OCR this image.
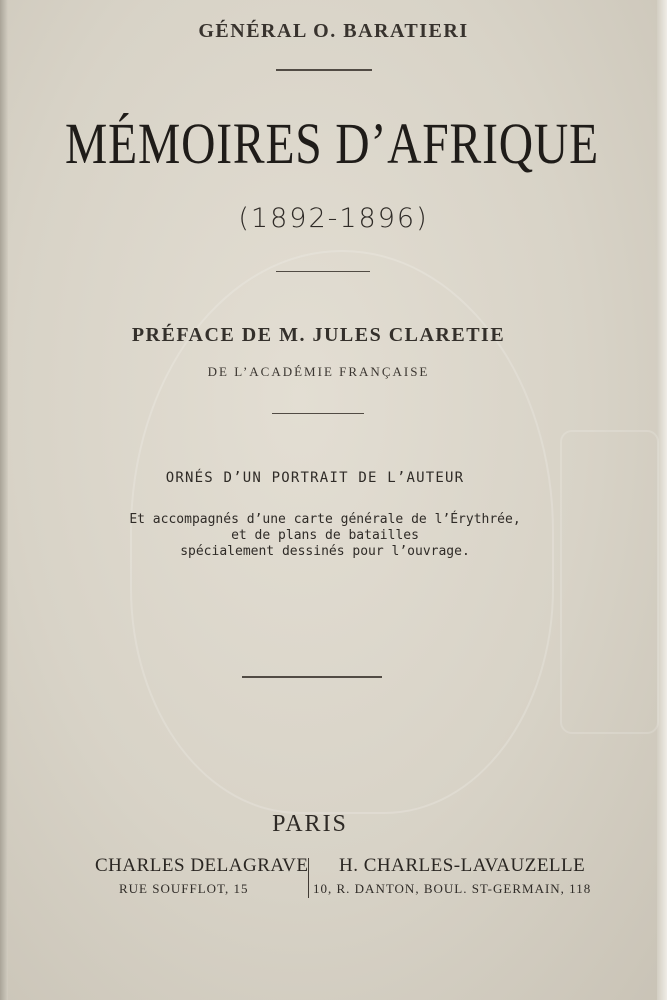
GÉNÉRAL O. BARATIERI
MÉMOIRES D’AFRIQUE
(1892-1896)
PRÉFACE DE M. JULES CLARETIE
DE L’ACADÉMIE FRANÇAISE
ORNÉS D’UN PORTRAIT DE L’AUTEUR
Et accompagnés d’une carte générale de l’Érythrée,
et de plans de batailles
spécialement dessinés pour l’ouvrage.
PARIS
CHARLES DELAGRAVE
RUE SOUFFLOT, 15
H. CHARLES-LAVAUZELLE
10, R. DANTON, BOUL. ST-GERMAIN, 118
